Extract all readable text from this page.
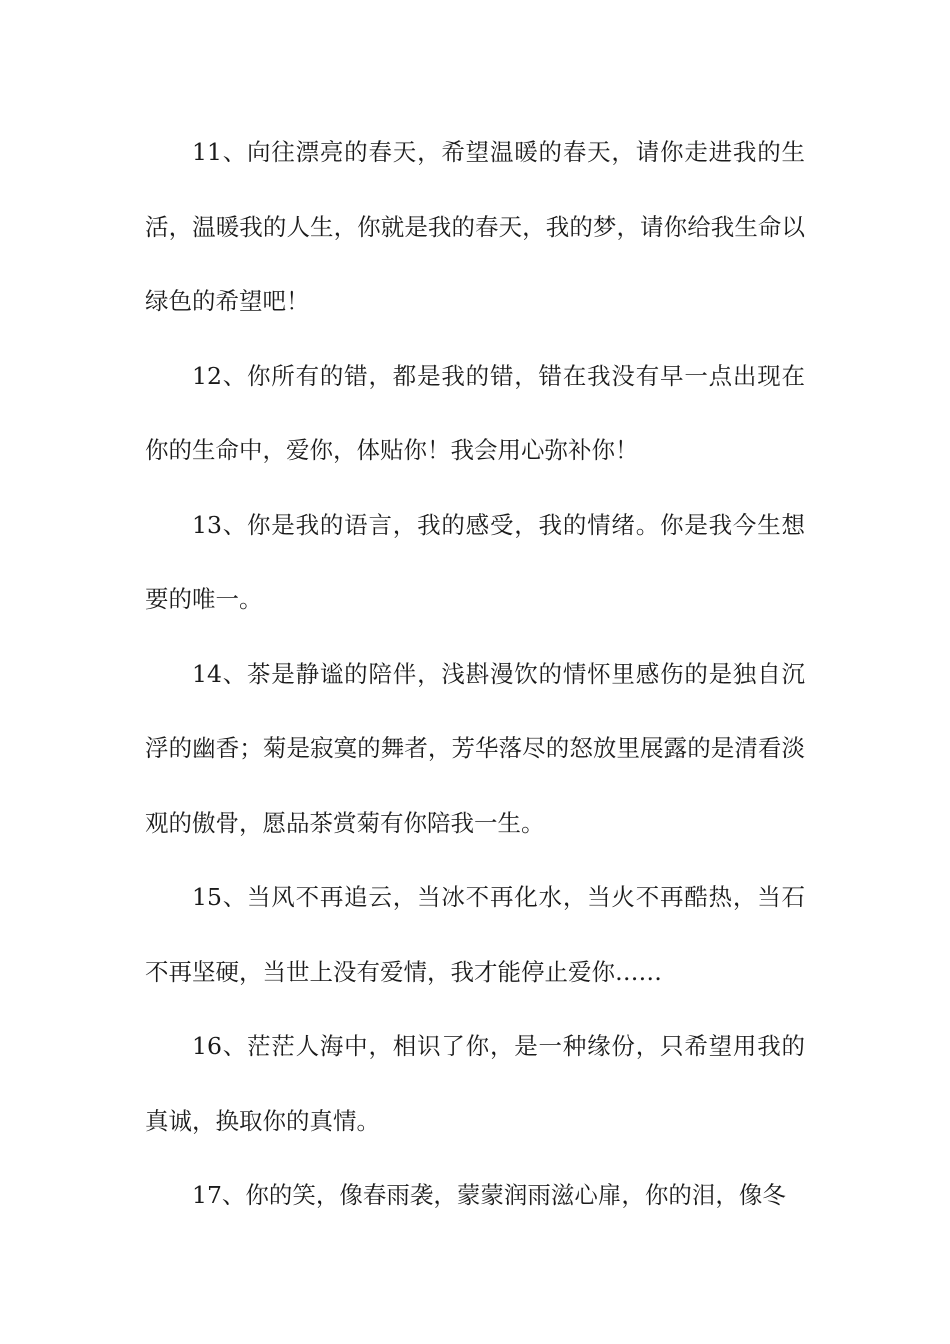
11、向往漂亮的春天，希望温暖的春天，请你走进我的生活，温暖我的人生，你就是我的春天，我的梦，请你给我生命以绿色的希望吧！

12、你所有的错，都是我的错，错在我没有早一点出现在你的生命中，爱你，体贴你！我会用心弥补你！

13、你是我的语言，我的感受，我的情绪。你是我今生想要的唯一。

14、茶是静谧的陪伴，浅斟漫饮的情怀里感伤的是独自沉浮的幽香；菊是寂寞的舞者，芳华落尽的怒放里展露的是清看淡观的傲骨，愿品茶赏菊有你陪我一生。

15、当风不再追云，当冰不再化水，当火不再酷热，当石不再坚硬，当世上没有爱情，我才能停止爱你……

16、茫茫人海中，相识了你，是一种缘份，只希望用我的真诚，换取你的真情。

17、你的笑，像春雨袭，蒙蒙润雨滋心扉，你的泪，像冬
